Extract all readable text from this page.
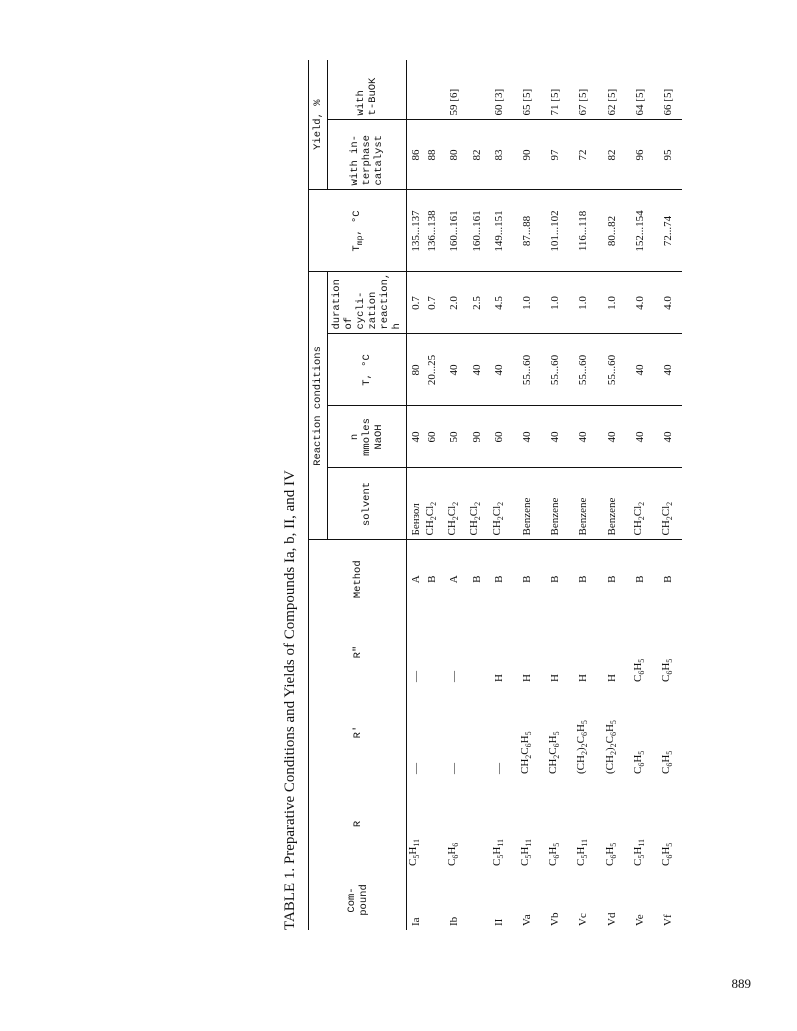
TABLE 1. Preparative Conditions and Yields of Compounds Ia, b, II, and IV	Com-
pound	R	R'	R"	Method	Reaction conditions				$T_{mp}$, °C	Yield, %	
					solvent	n
mmoles
NaOH	T, °C	duration
of cycli-
zation
reaction,
h		with in-
terphase
catalyst	with
t-BuOK
Ia	$C_5H_{11}$	—	—	A	Бензол	40	80	0.7	135...137	86	
				B	$CH_2Cl_2$	60	20...25	0.7	136...138	88	
Ib	$C_6H_6$	—	—	A	$CH_2Cl_2$	50	40	2.0	160...161	80	59 [6]
				B	$CH_2Cl_2$	90	40	2.5	160...161	82	
II	$C_5H_{11}$	—	H	B	$CH_2Cl_2$	60	40	4.5	149...151	83	60 [3]
Va	$C_5H_{11}$	$CH_2C_6H_5$	H	B	Benzene	40	55...60	1.0	87...88	90	65 [5]
Vb	$C_6H_5$	$CH_2C_6H_5$	H	B	Benzene	40	55...60	1.0	101...102	97	71 [5]
Vc	$C_5H_{11}$	$(CH_2)_2C_6H_5$	H	B	Benzene	40	55...60	1.0	116...118	72	67 [5]
Vd	$C_6H_5$	$(CH_2)_2C_6H_5$	H	B	Benzene	40	55...60	1.0	80...82	82	62 [5]
Ve	$C_5H_{11}$	$C_6H_5$	$C_6H_5$	B	$CH_2Cl_2$	40	40	4.0	152...154	96	64 [5]
Vf	$C_6H_5$	$C_6H_5$	$C_6H_5$	B	$CH_2Cl_2$	40	40	4.0	72...74	95	66 [5]
889
